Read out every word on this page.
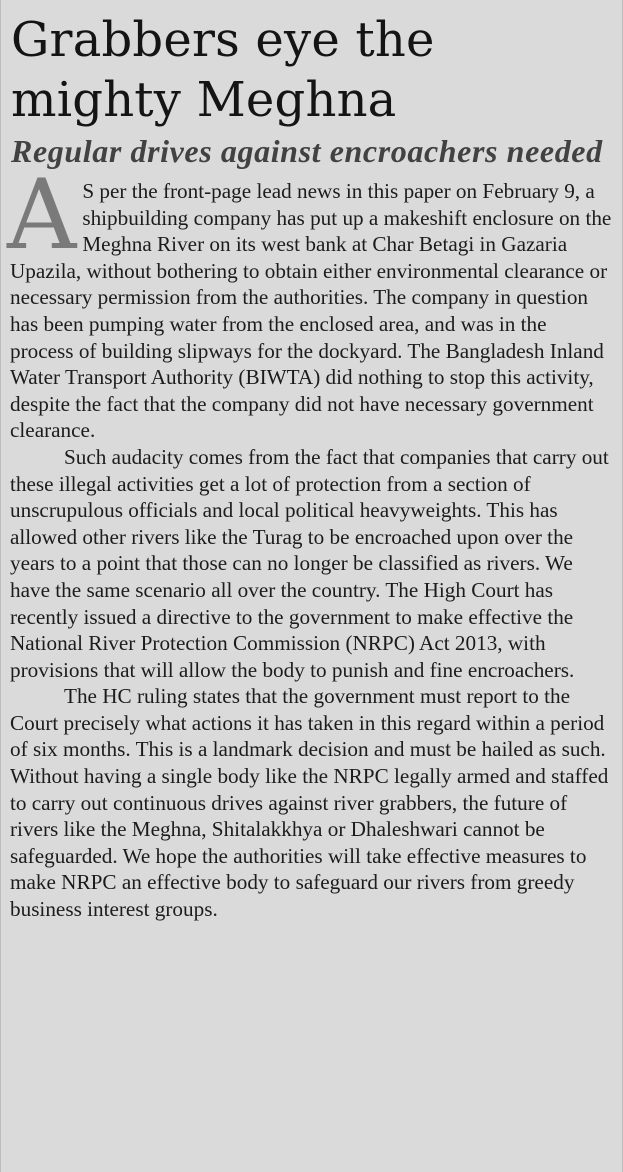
Grabbers eye the
mighty Meghna
Regular drives against encroachers needed

A S per the front-page lead news in this paper on February 9, a shipbuilding company has put up a makeshift enclosure on the Meghna River on its west bank at Char Betagi in Gazaria Upazila, without bothering to obtain either environmental clearance or necessary permission from the authorities. The company in question has been pumping water from the enclosed area, and was in the process of building slipways for the dockyard. The Bangladesh Inland Water Transport Authority (BIWTA) did nothing to stop this activity, despite the fact that the company did not have necessary government clearance.

Such audacity comes from the fact that companies that carry out these illegal activities get a lot of protection from a section of unscrupulous officials and local political heavyweights. This has allowed other rivers like the Turag to be encroached upon over the years to a point that those can no longer be classified as rivers. We have the same scenario all over the country. The High Court has recently issued a directive to the government to make effective the National River Protection Commission (NRPC) Act 2013, with provisions that will allow the body to punish and fine encroachers.

The HC ruling states that the government must report to the Court precisely what actions it has taken in this regard within a period of six months. This is a landmark decision and must be hailed as such. Without having a single body like the NRPC legally armed and staffed to carry out continuous drives against river grabbers, the future of rivers like the Meghna, Shitalakkhya or Dhaleshwari cannot be safeguarded. We hope the authorities will take effective measures to make NRPC an effective body to safeguard our rivers from greedy business interest groups.
